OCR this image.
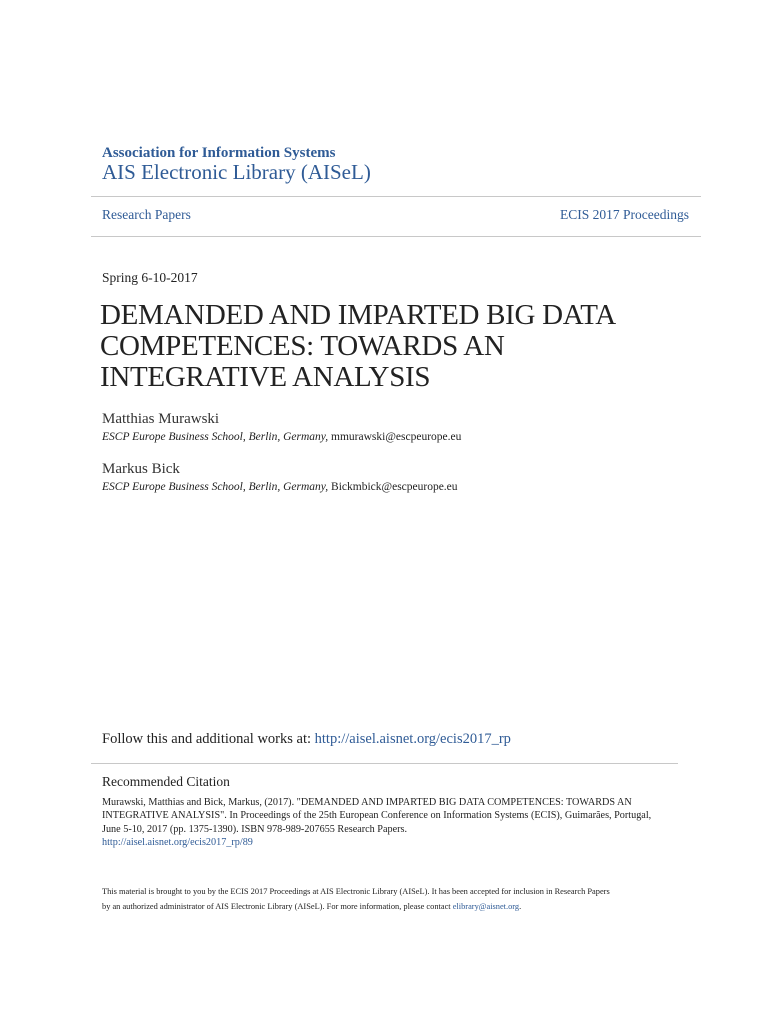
Association for Information Systems
AIS Electronic Library (AISeL)
Research Papers	ECIS 2017 Proceedings
Spring 6-10-2017
DEMANDED AND IMPARTED BIG DATA
COMPETENCES: TOWARDS AN
INTEGRATIVE ANALYSIS
Matthias Murawski
ESCP Europe Business School, Berlin, Germany, mmurawski@escpeurope.eu
Markus Bick
ESCP Europe Business School, Berlin, Germany, Bickmbick@escpeurope.eu
Follow this and additional works at: http://aisel.aisnet.org/ecis2017_rp
Recommended Citation
Murawski, Matthias and Bick, Markus, (2017). "DEMANDED AND IMPARTED BIG DATA COMPETENCES: TOWARDS AN
INTEGRATIVE ANALYSIS". In Proceedings of the 25th European Conference on Information Systems (ECIS), Guimarães, Portugal,
June 5-10, 2017 (pp. 1375-1390). ISBN 978-989-207655 Research Papers.
http://aisel.aisnet.org/ecis2017_rp/89
This material is brought to you by the ECIS 2017 Proceedings at AIS Electronic Library (AISeL). It has been accepted for inclusion in Research Papers
by an authorized administrator of AIS Electronic Library (AISeL). For more information, please contact elibrary@aisnet.org.
